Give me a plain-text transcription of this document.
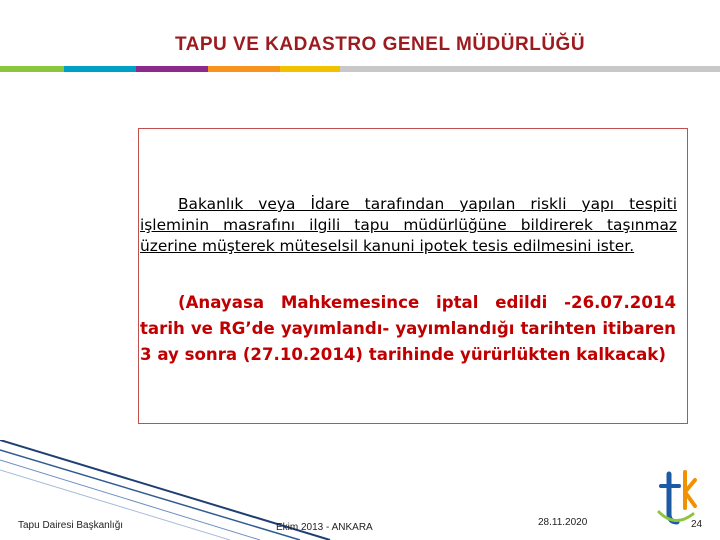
TAPU VE KADASTRO GENEL MÜDÜRLÜĞÜ
Bakanlık veya İdare tarafından yapılan riskli yapı tespiti işleminin masrafını ilgili tapu müdürlüğüne bildirerek taşınmaz üzerine müşterek müteselsil kanuni ipotek tesis edilmesini ister.
(Anayasa Mahkemesince iptal edildi -26.07.2014 tarih ve RG’de yayımlandı- yayımlandığı tarihten itibaren 3 ay sonra (27.10.2014) tarihinde yürürlükten kalkacak)
Tapu Dairesi Başkanlığı	Ekim 2013 - ANKARA	28.11.2020	24
